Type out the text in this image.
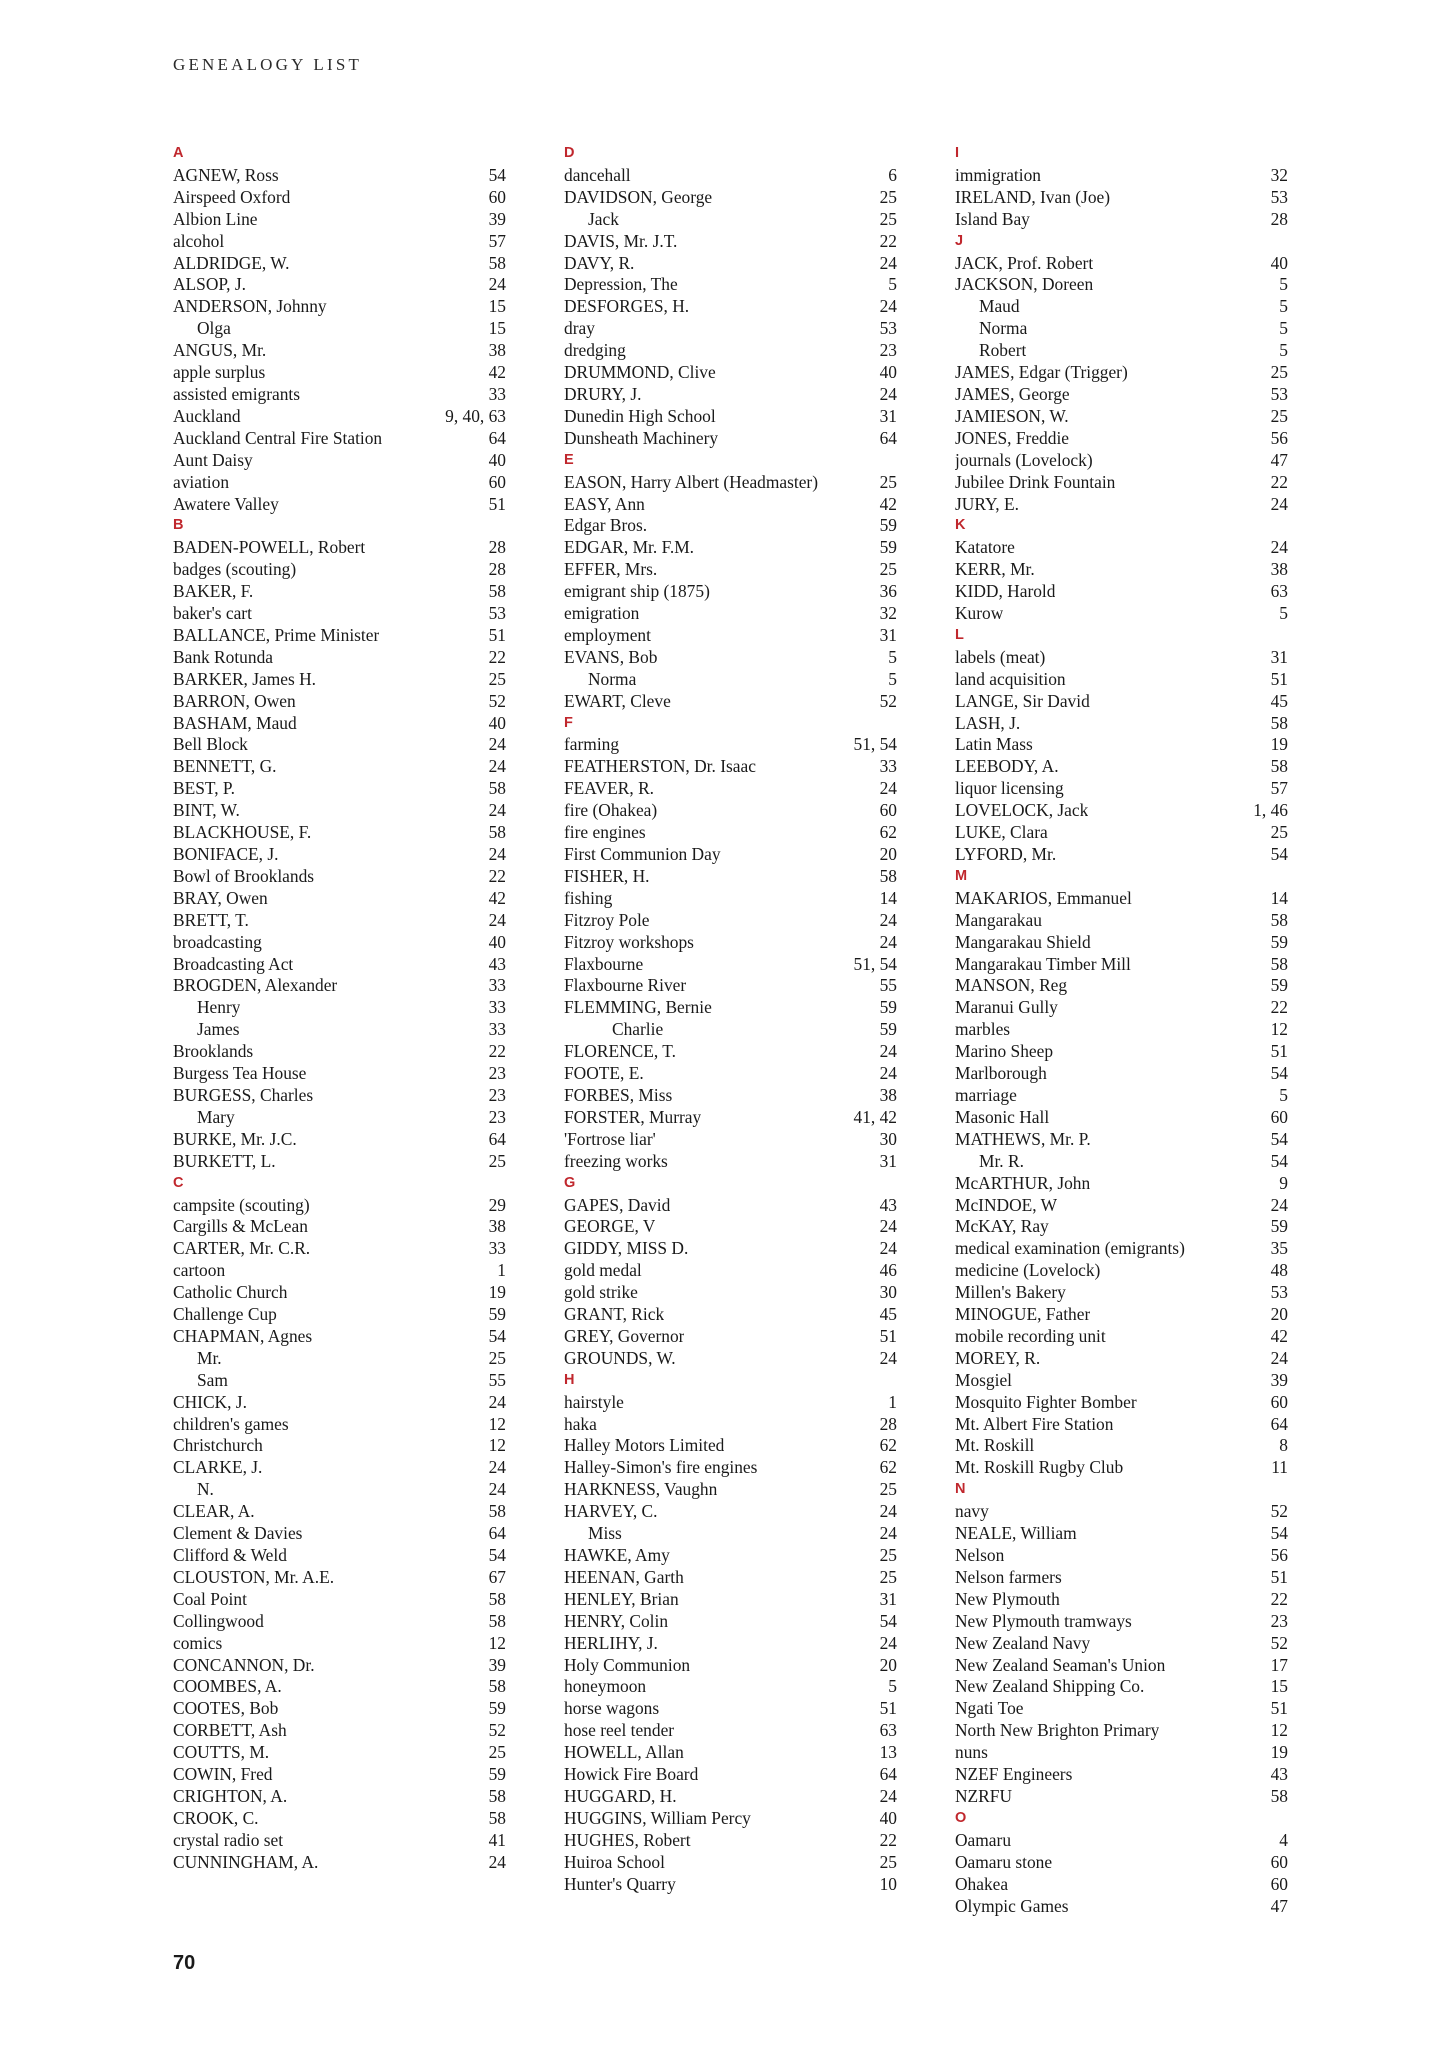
GENEALOGY LIST
A
AGNEW, Ross	54
Airspeed Oxford	60
Albion Line	39
alcohol	57
ALDRIDGE, W.	58
ALSOP, J.	24
ANDERSON, Johnny	15
Olga	15
ANGUS, Mr.	38
apple surplus	42
assisted emigrants	33
Auckland	9, 40, 63
Auckland Central Fire Station	64
Aunt Daisy	40
aviation	60
Awatere Valley	51
B
BADEN-POWELL, Robert	28
badges (scouting)	28
BAKER, F.	58
baker's cart	53
BALLANCE, Prime Minister	51
Bank Rotunda	22
BARKER, James H.	25
BARRON, Owen	52
BASHAM, Maud	40
Bell Block	24
BENNETT, G.	24
BEST, P.	58
BINT, W.	24
BLACKHOUSE, F.	58
BONIFACE, J.	24
Bowl of Brooklands	22
BRAY, Owen	42
BRETT, T.	24
broadcasting	40
Broadcasting Act	43
BROGDEN, Alexander	33
Henry	33
James	33
Brooklands	22
Burgess Tea House	23
BURGESS, Charles	23
Mary	23
BURKE, Mr. J.C.	64
BURKETT, L.	25
C
campsite (scouting)	29
Cargills & McLean	38
CARTER, Mr. C.R.	33
cartoon	1
Catholic Church	19
Challenge Cup	59
CHAPMAN, Agnes	54
Mr.	25
Sam	55
CHICK, J.	24
children's games	12
Christchurch	12
CLARKE, J.	24
N.	24
CLEAR, A.	58
Clement & Davies	64
Clifford & Weld	54
CLOUSTON, Mr. A.E.	67
Coal Point	58
Collingwood	58
comics	12
CONCANNON, Dr.	39
COOMBES, A.	58
COOTES, Bob	59
CORBETT, Ash	52
COUTTS, M.	25
COWIN, Fred	59
CRIGHTON, A.	58
CROOK, C.	58
crystal radio set	41
CUNNINGHAM, A.	24
D
dancehall	6
DAVIDSON, George	25
Jack	25
DAVIS, Mr. J.T.	22
DAVY, R.	24
Depression, The	5
DESFORGES, H.	24
dray	53
dredging	23
DRUMMOND, Clive	40
DRURY, J.	24
Dunedin High School	31
Dunsheath Machinery	64
E
EASON, Harry Albert (Headmaster)	25
EASY, Ann	42
Edgar Bros.	59
EDGAR, Mr. F.M.	59
EFFER, Mrs.	25
emigrant ship (1875)	36
emigration	32
employment	31
EVANS, Bob	5
Norma	5
EWART, Cleve	52
F
farming	51, 54
FEATHERSTON, Dr. Isaac	33
FEAVER, R.	24
fire (Ohakea)	60
fire engines	62
First Communion Day	20
FISHER, H.	58
fishing	14
Fitzroy Pole	24
Fitzroy workshops	24
Flaxbourne	51, 54
Flaxbourne River	55
FLEMMING, Bernie	59
Charlie	59
FLORENCE, T.	24
FOOTE, E.	24
FORBES, Miss	38
FORSTER, Murray	41, 42
'Fortrose liar'	30
freezing works	31
G
GAPES, David	43
GEORGE, V	24
GIDDY, MISS D.	24
gold medal	46
gold strike	30
GRANT, Rick	45
GREY, Governor	51
GROUNDS, W.	24
H
hairstyle	1
haka	28
Halley Motors Limited	62
Halley-Simon's fire engines	62
HARKNESS, Vaughn	25
HARVEY, C.	24
Miss	24
HAWKE, Amy	25
HEENAN, Garth	25
HENLEY, Brian	31
HENRY, Colin	54
HERLIHY, J.	24
Holy Communion	20
honeymoon	5
horse wagons	51
hose reel tender	63
HOWELL, Allan	13
Howick Fire Board	64
HUGGARD, H.	24
HUGGINS, William Percy	40
HUGHES, Robert	22
Huiroa School	25
Hunter's Quarry	10
I
immigration	32
IRELAND, Ivan (Joe)	53
Island Bay	28
J
JACK, Prof. Robert	40
JACKSON, Doreen	5
Maud	5
Norma	5
Robert	5
JAMES, Edgar (Trigger)	25
JAMES, George	53
JAMIESON, W.	25
JONES, Freddie	56
journals (Lovelock)	47
Jubilee Drink Fountain	22
JURY, E.	24
K
Katatore	24
KERR, Mr.	38
KIDD, Harold	63
Kurow	5
L
labels (meat)	31
land acquisition	51
LANGE, Sir David	45
LASH, J.	58
Latin Mass	19
LEEBODY, A.	58
liquor licensing	57
LOVELOCK, Jack	1, 46
LUKE, Clara	25
LYFORD, Mr.	54
M
MAKARIOS, Emmanuel	14
Mangarakau	58
Mangarakau Shield	59
Mangarakau Timber Mill	58
MANSON, Reg	59
Maranui Gully	22
marbles	12
Marino Sheep	51
Marlborough	54
marriage	5
Masonic Hall	60
MATHEWS, Mr. P.	54
Mr. R.	54
McARTHUR, John	9
McINDOE, W	24
McKAY, Ray	59
medical examination (emigrants)	35
medicine (Lovelock)	48
Millen's Bakery	53
MINOGUE, Father	20
mobile recording unit	42
MOREY, R.	24
Mosgiel	39
Mosquito Fighter Bomber	60
Mt. Albert Fire Station	64
Mt. Roskill	8
Mt. Roskill Rugby Club	11
N
navy	52
NEALE, William	54
Nelson	56
Nelson farmers	51
New Plymouth	22
New Plymouth tramways	23
New Zealand Navy	52
New Zealand Seaman's Union	17
New Zealand Shipping Co.	15
Ngati Toe	51
North New Brighton Primary	12
nuns	19
NZEF Engineers	43
NZRFU	58
O
Oamaru	4
Oamaru stone	60
Ohakea	60
Olympic Games	47
70
